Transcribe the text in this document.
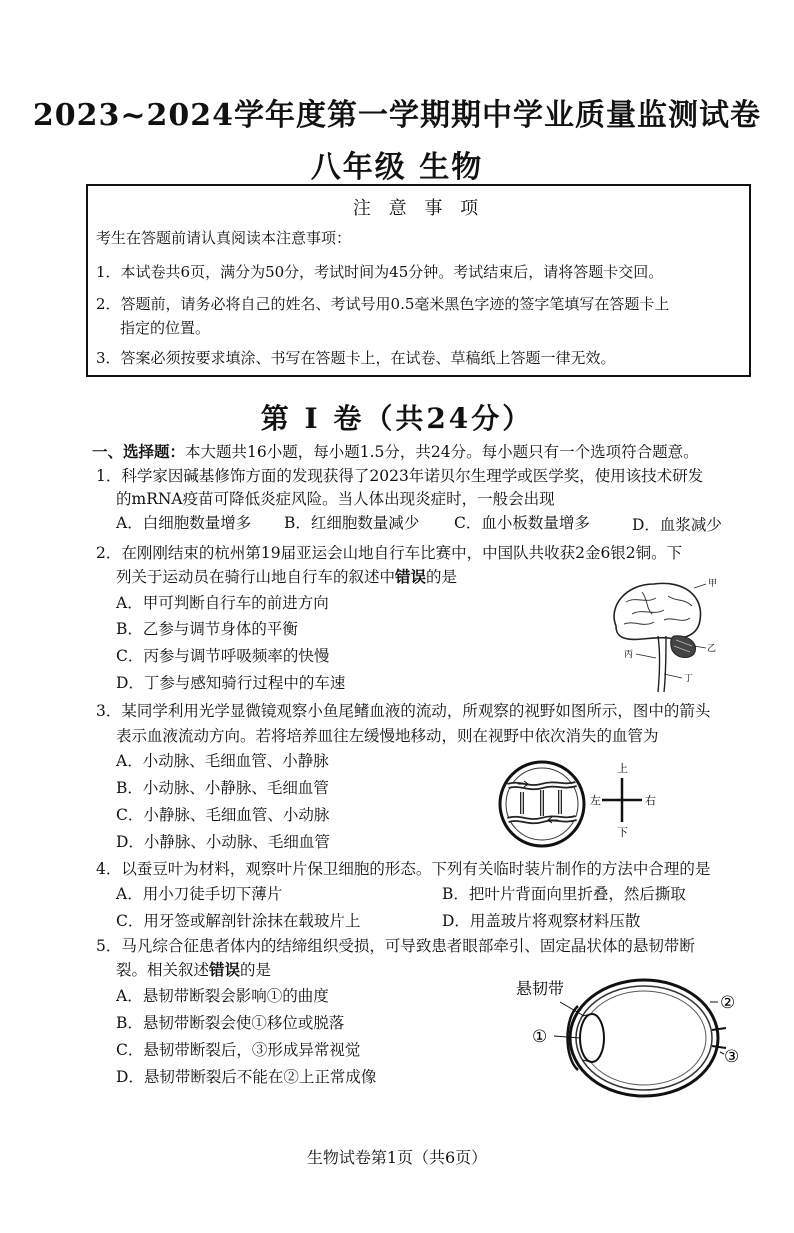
2023~2024学年度第一学期期中学业质量监测试卷
八年级 生物
注 意 事 项
考生在答题前请认真阅读本注意事项：
1．本试卷共6页，满分为50分，考试时间为45分钟。考试结束后，请将答题卡交回。
2．答题前，请务必将自己的姓名、考试号用0.5毫米黑色字迹的签字笔填写在答题卡上
指定的位置。
3．答案必须按要求填涂、书写在答题卡上，在试卷、草稿纸上答题一律无效。
第 Ⅰ 卷（共24分）
一、选择题：本大题共16小题，每小题1.5分，共24分。每小题只有一个选项符合题意。
1．科学家因碱基修饰方面的发现获得了2023年诺贝尔生理学或医学奖，使用该技术研发
的mRNA疫苗可降低炎症风险。当人体出现炎症时，一般会出现
A．白细胞数量增多 B．红细胞数量减少 C．血小板数量增多	D．血浆减少
2．在刚刚结束的杭州第19届亚运会山地自行车比赛中，中国队共收获2金6银2铜。下
列关于运动员在骑行山地自行车的叙述中错误的是
A．甲可判断自行车的前进方向
B．乙参与调节身体的平衡
C．丙参与调节呼吸频率的快慢
D．丁参与感知骑行过程中的车速
甲
乙
丙
丁
3．某同学利用光学显微镜观察小鱼尾鳍血液的流动，所观察的视野如图所示，图中的箭头
表示血液流动方向。若将培养皿往左缓慢地移动，则在视野中依次消失的血管为
A．小动脉、毛细血管、小静脉
B．小动脉、小静脉、毛细血管
C．小静脉、毛细血管、小动脉
D．小静脉、小动脉、毛细血管
上
下
左	右
4．以蚕豆叶为材料，观察叶片保卫细胞的形态。下列有关临时装片制作的方法中合理的是
A．用小刀徒手切下薄片	B．把叶片背面向里折叠，然后撕取
C．用牙签或解剖针涂抹在载玻片上	D．用盖玻片将观察材料压散
5．马凡综合征患者体内的结缔组织受损，可导致患者眼部牵引、固定晶状体的悬韧带断
裂。相关叙述错误的是
A．悬韧带断裂会影响①的曲度
B．悬韧带断裂会使①移位或脱落
C．悬韧带断裂后，③形成异常视觉
D．悬韧带断裂后不能在②上正常成像
悬韧带
②
①
③
生物试卷第1页（共6页）
